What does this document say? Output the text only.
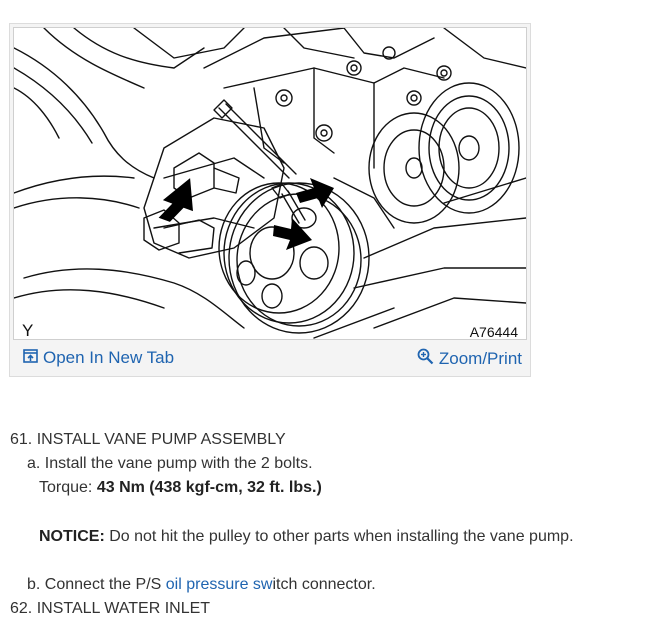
Y	A76444
Open In New Tab	Zoom/Print
61. INSTALL VANE PUMP ASSEMBLY
a. Install the vane pump with the 2 bolts.
Torque: 43 Nm (438 kgf-cm, 32 ft. lbs.)
NOTICE: Do not hit the pulley to other parts when installing the vane pump.
b. Connect the P/S oil pressure switch connector.
62. INSTALL WATER INLET
